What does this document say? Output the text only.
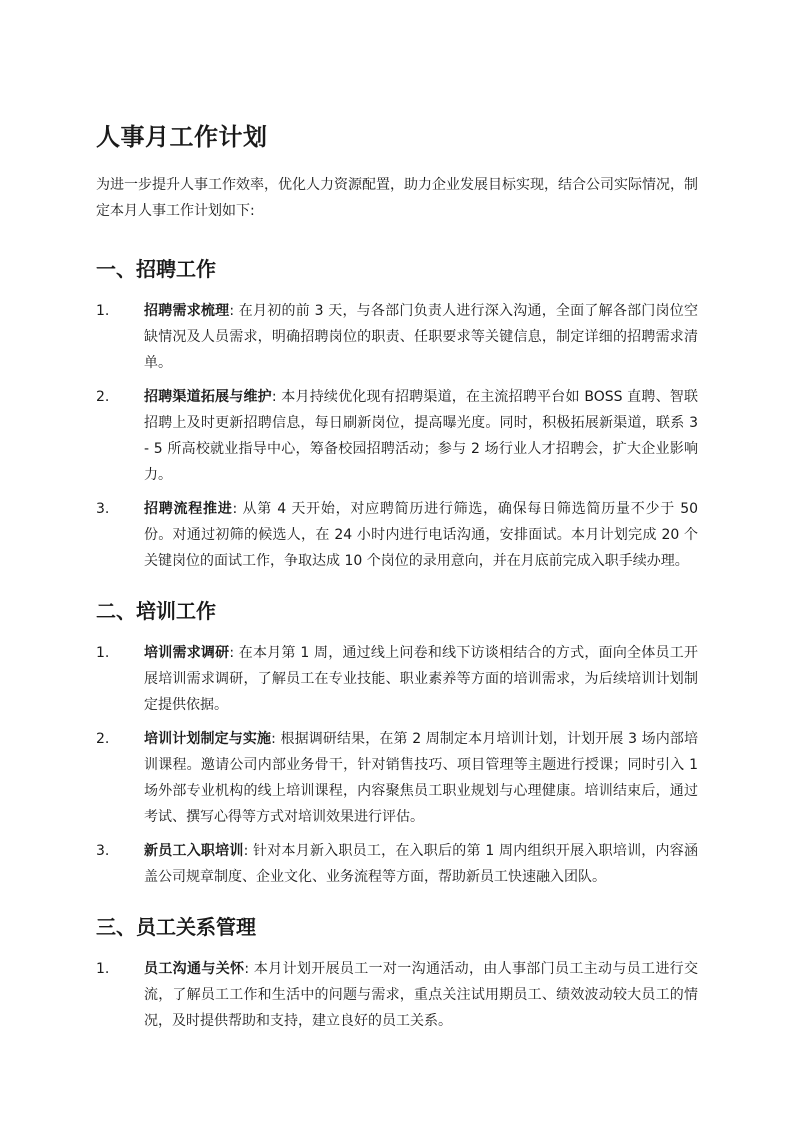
人事月工作计划

为进一步提升人事工作效率，优化人力资源配置，助力企业发展目标实现，结合公司实际情况，制定本月人事工作计划如下:

一、招聘工作
1.	招聘需求梳理: 在月初的前 3 天，与各部门负责人进行深入沟通，全面了解各部门岗位空缺情况及人员需求，明确招聘岗位的职责、任职要求等关键信息，制定详细的招聘需求清单。
2.	招聘渠道拓展与维护: 本月持续优化现有招聘渠道，在主流招聘平台如 BOSS 直聘、智联招聘上及时更新招聘信息，每日刷新岗位，提高曝光度。同时，积极拓展新渠道，联系 3 - 5 所高校就业指导中心，筹备校园招聘活动；参与 2 场行业人才招聘会，扩大企业影响力。
3.	招聘流程推进: 从第 4 天开始，对应聘简历进行筛选，确保每日筛选简历量不少于 50 份。对通过初筛的候选人，在 24 小时内进行电话沟通，安排面试。本月计划完成 20 个关键岗位的面试工作，争取达成 10 个岗位的录用意向，并在月底前完成入职手续办理。
二、培训工作
1.	培训需求调研: 在本月第 1 周，通过线上问卷和线下访谈相结合的方式，面向全体员工开展培训需求调研，了解员工在专业技能、职业素养等方面的培训需求，为后续培训计划制定提供依据。
2.	培训计划制定与实施: 根据调研结果，在第 2 周制定本月培训计划，计划开展 3 场内部培训课程。邀请公司内部业务骨干，针对销售技巧、项目管理等主题进行授课；同时引入 1 场外部专业机构的线上培训课程，内容聚焦员工职业规划与心理健康。培训结束后，通过考试、撰写心得等方式对培训效果进行评估。
3.	新员工入职培训: 针对本月新入职员工，在入职后的第 1 周内组织开展入职培训，内容涵盖公司规章制度、企业文化、业务流程等方面，帮助新员工快速融入团队。
三、员工关系管理
1.	员工沟通与关怀: 本月计划开展员工一对一沟通活动，由人事部门员工主动与员工进行交流，了解员工工作和生活中的问题与需求，重点关注试用期员工、绩效波动较大员工的情况，及时提供帮助和支持，建立良好的员工关系。
